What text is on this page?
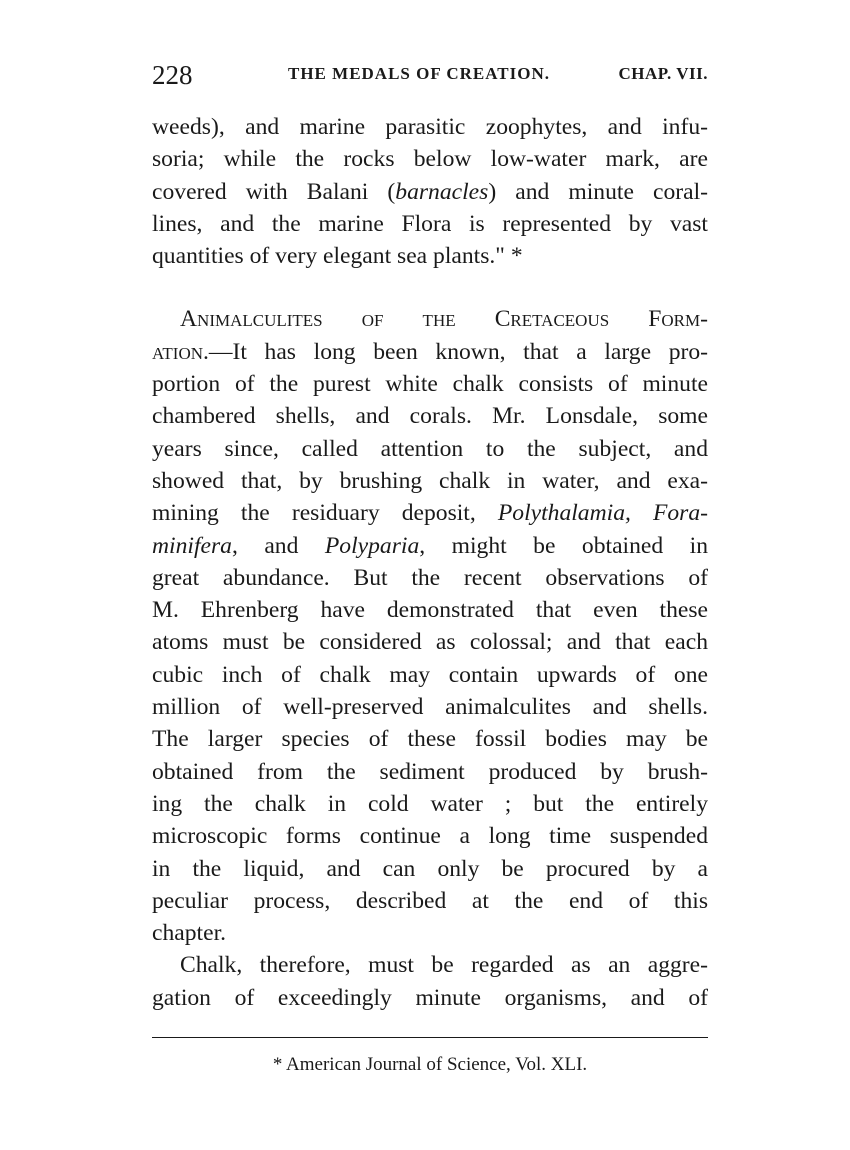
228	THE MEDALS OF CREATION.	CHAP. VII.
weeds), and marine parasitic zoophytes, and infu-
soria; while the rocks below low-water mark, are
covered with Balani (barnacles) and minute coral-
lines, and the marine Flora is represented by vast
quantities of very elegant sea plants." *
Animalculites of the Cretaceous Form-
ation.—It has long been known, that a large pro-
portion of the purest white chalk consists of minute
chambered shells, and corals. Mr. Lonsdale, some
years since, called attention to the subject, and
showed that, by brushing chalk in water, and exa-
mining the residuary deposit, Polythalamia, Fora-
minifera, and Polyparia, might be obtained in
great abundance. But the recent observations of
M. Ehrenberg have demonstrated that even these
atoms must be considered as colossal; and that each
cubic inch of chalk may contain upwards of one
million of well-preserved animalculites and shells.
The larger species of these fossil bodies may be
obtained from the sediment produced by brush-
ing the chalk in cold water ; but the entirely
microscopic forms continue a long time suspended
in the liquid, and can only be procured by a
peculiar process, described at the end of this
chapter.
Chalk, therefore, must be regarded as an aggre-
gation of exceedingly minute organisms, and of
* American Journal of Science, Vol. XLI.
